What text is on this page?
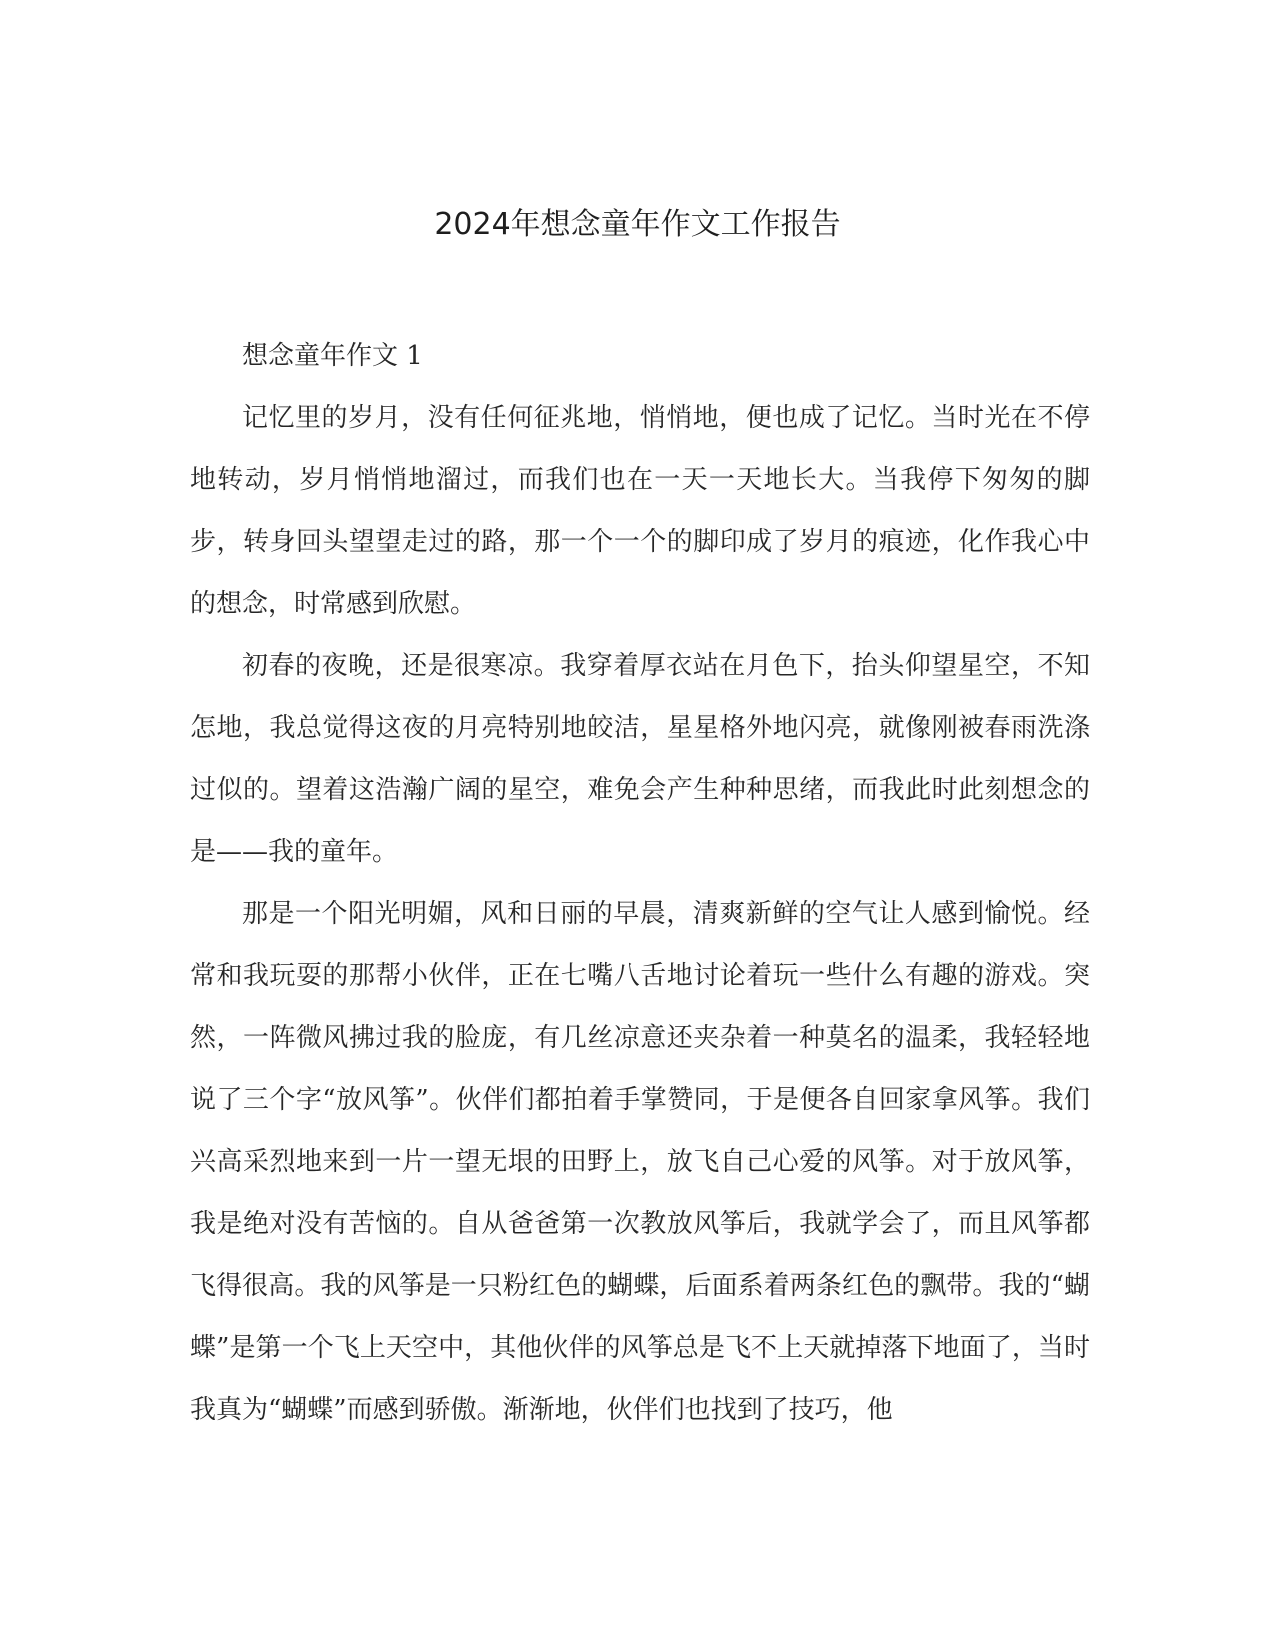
2024年想念童年作文工作报告

想念童年作文 1

记忆里的岁月，没有任何征兆地，悄悄地，便也成了记忆。当时光在不停地转动，岁月悄悄地溜过，而我们也在一天一天地长大。当我停下匆匆的脚步，转身回头望望走过的路，那一个一个的脚印成了岁月的痕迹，化作我心中的想念，时常感到欣慰。

初春的夜晚，还是很寒凉。我穿着厚衣站在月色下，抬头仰望星空，不知怎地，我总觉得这夜的月亮特别地皎洁，星星格外地闪亮，就像刚被春雨洗涤过似的。望着这浩瀚广阔的星空，难免会产生种种思绪，而我此时此刻想念的是——我的童年。

那是一个阳光明媚，风和日丽的早晨，清爽新鲜的空气让人感到愉悦。经常和我玩耍的那帮小伙伴，正在七嘴八舌地讨论着玩一些什么有趣的游戏。突然，一阵微风拂过我的脸庞，有几丝凉意还夹杂着一种莫名的温柔，我轻轻地说了三个字“放风筝”。伙伴们都拍着手掌赞同，于是便各自回家拿风筝。我们兴高采烈地来到一片一望无垠的田野上，放飞自己心爱的风筝。对于放风筝，我是绝对没有苦恼的。自从爸爸第一次教放风筝后，我就学会了，而且风筝都飞得很高。我的风筝是一只粉红色的蝴蝶，后面系着两条红色的飘带。我的“蝴蝶”是第一个飞上天空中，其他伙伴的风筝总是飞不上天就掉落下地面了，当时我真为“蝴蝶”而感到骄傲。渐渐地，伙伴们也找到了技巧，他
